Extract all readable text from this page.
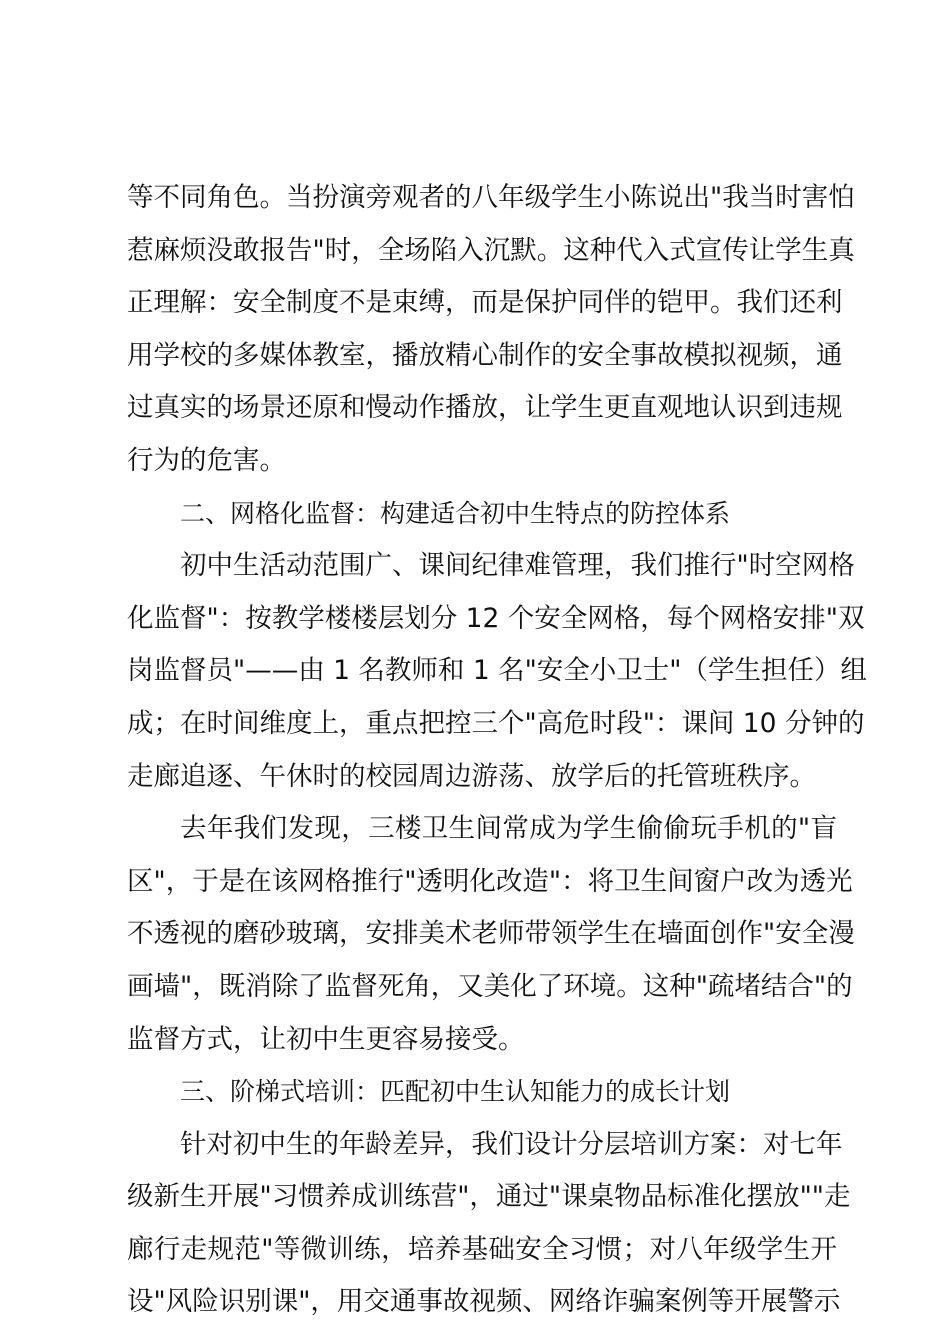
等不同角色。当扮演旁观者的八年级学生小陈说出"我当时害怕
惹麻烦没敢报告"时，全场陷入沉默。这种代入式宣传让学生真
正理解：安全制度不是束缚，而是保护同伴的铠甲。我们还利
用学校的多媒体教室，播放精心制作的安全事故模拟视频，通
过真实的场景还原和慢动作播放，让学生更直观地认识到违规
行为的危害。
二、网格化监督：构建适合初中生特点的防控体系
初中生活动范围广、课间纪律难管理，我们推行"时空网格
化监督"：按教学楼楼层划分 12 个安全网格，每个网格安排"双
岗监督员"——由 1 名教师和 1 名"安全小卫士"（学生担任）组
成；在时间维度上，重点把控三个"高危时段"：课间 10 分钟的
走廊追逐、午休时的校园周边游荡、放学后的托管班秩序。
去年我们发现，三楼卫生间常成为学生偷偷玩手机的"盲
区"，于是在该网格推行"透明化改造"：将卫生间窗户改为透光
不透视的磨砂玻璃，安排美术老师带领学生在墙面创作"安全漫
画墙"，既消除了监督死角，又美化了环境。这种"疏堵结合"的
监督方式，让初中生更容易接受。
三、阶梯式培训：匹配初中生认知能力的成长计划
针对初中生的年龄差异，我们设计分层培训方案：对七年
级新生开展"习惯养成训练营"，通过"课桌物品标准化摆放""走
廊行走规范"等微训练，培养基础安全习惯；对八年级学生开
设"风险识别课"，用交通事故视频、网络诈骗案例等开展警示
